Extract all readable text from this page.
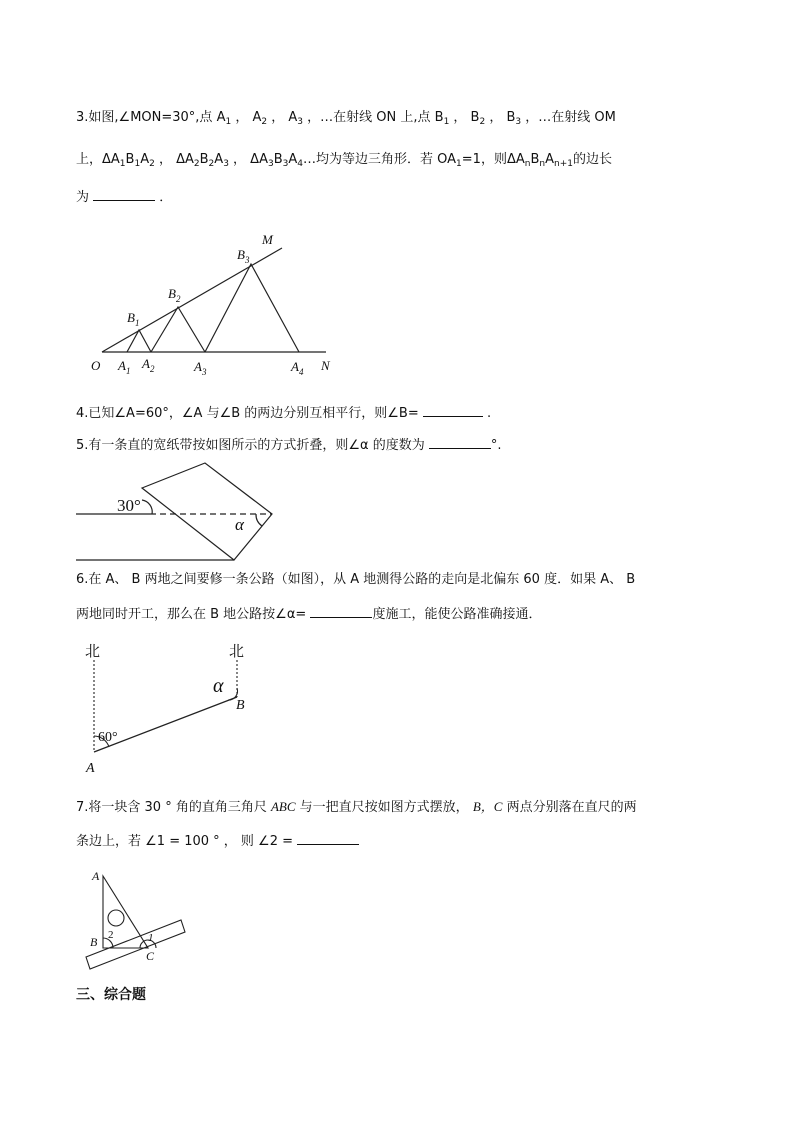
3.如图,∠MON=30°,点 $A_1$ ， $A_2$ ， $A_3$ ，…在射线 ON 上,点 $B_1$ ， $B_2$ ， $B_3$ ，…在射线 OM
上，$\Delta A_1B_1A_2$ ， $\Delta A_2B_2A_3$ ， $\Delta A_3B_3A_4\dots$均为等边三角形．若 $OA_1=1$，则$\Delta A_nB_nA_{n+1}$的边长
为	．
M
N
O
$B_3$
$B_2$
$B_1$
$A_1$ $A_2$	$A_3$	$A_4$
4.已知∠A=60°，∠A 与∠B 的两边分别互相平行，则∠B=	.
5.有一条直的宽纸带按如图所示的方式折叠，则∠α 的度数为	°.
30°
α
6.在 A、 B 两地之间要修一条公路（如图），从 A 地测得公路的走向是北偏东 60 度．如果 A、 B
两地同时开工，那么在 B 地公路按∠α=	度施工，能使公路准确接通．
北	北
60°
α
A
B
7.将一块含 30 ° 角的直角三角尺 ABC 与一把直尺按如图方式摆放， B，C 两点分别落在直尺的两
条边上，若 ∠1 = 100 ° ， 则 ∠2 =
A
B
C
1
2
三、综合题
